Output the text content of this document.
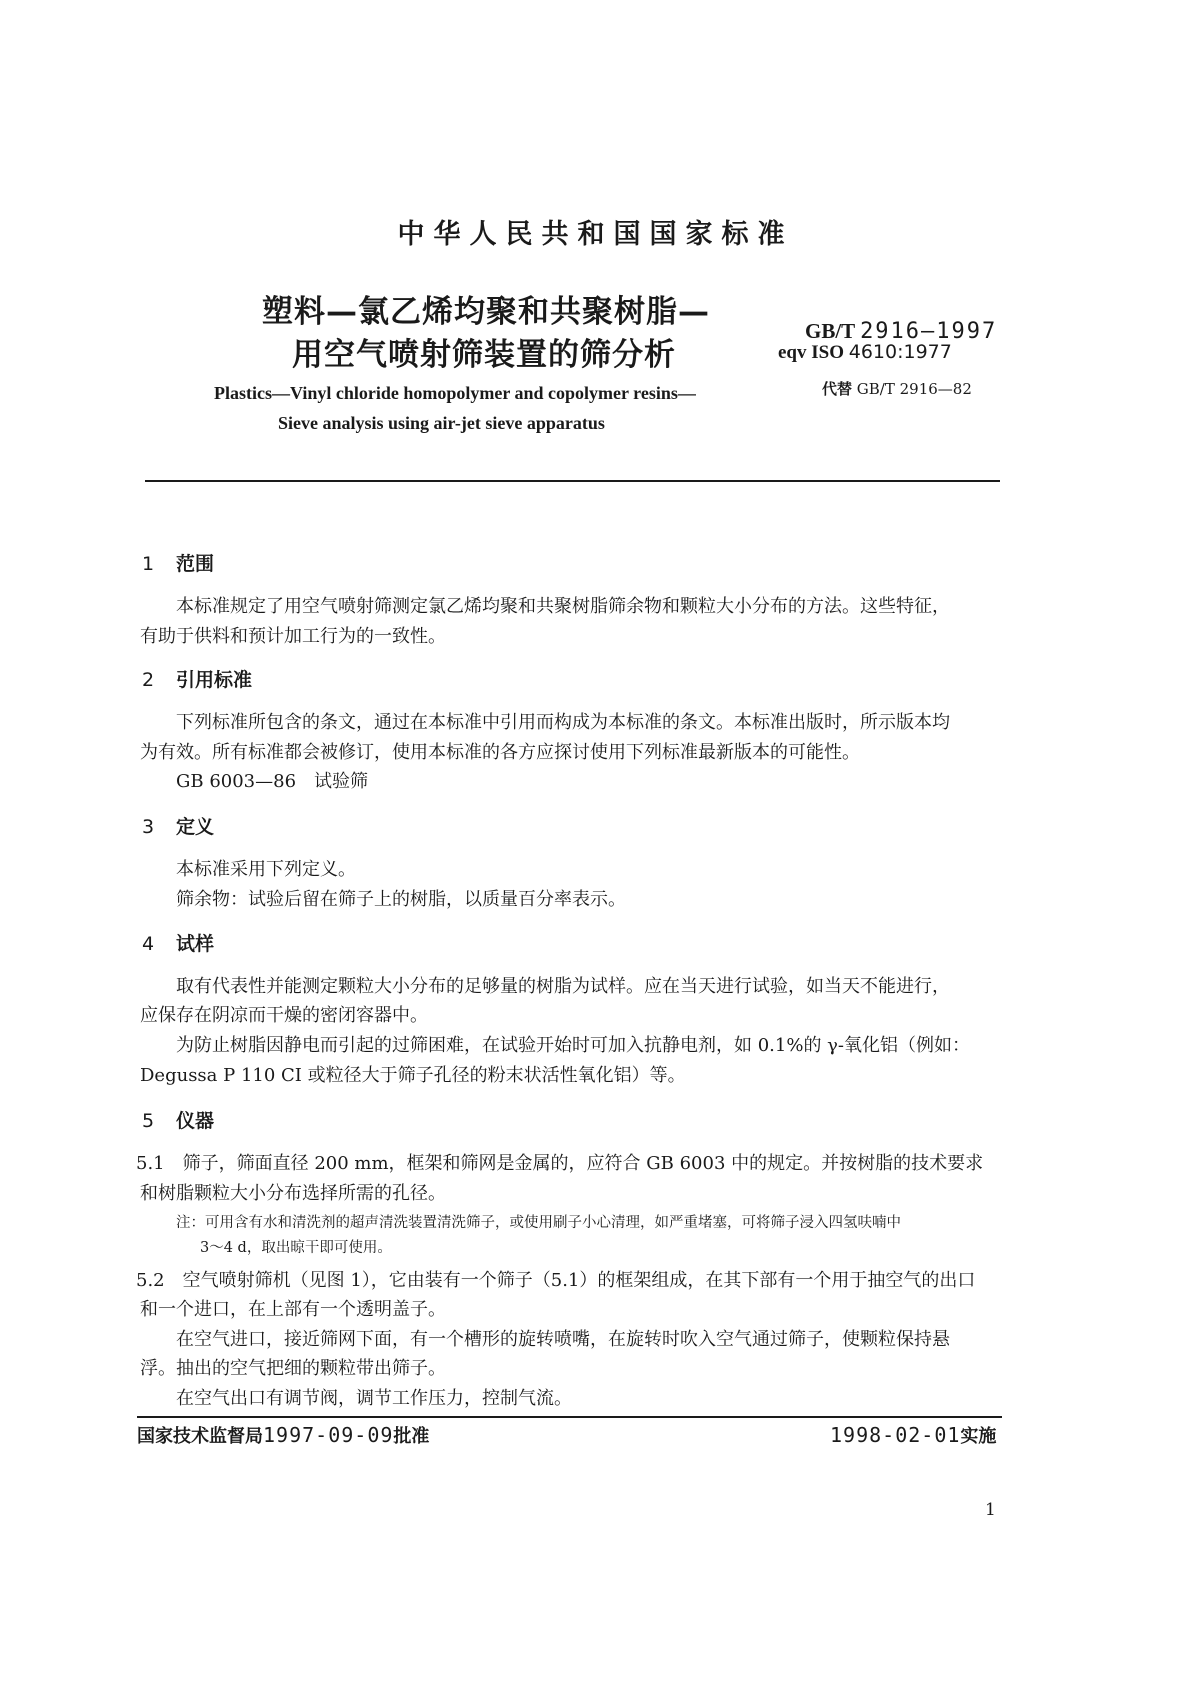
中华人民共和国国家标准
塑料—氯乙烯均聚和共聚树脂—
用空气喷射筛装置的筛分析
GB/T 2916—1997
eqv ISO 4610:1977
代替 GB/T 2916—82
Plastics—Vinyl chloride homopolymer and copolymer resins—
Sieve analysis using air-jet sieve apparatus
1 范围
本标准规定了用空气喷射筛测定氯乙烯均聚和共聚树脂筛余物和颗粒大小分布的方法。这些特征，
有助于供料和预计加工行为的一致性。
2 引用标准
下列标准所包含的条文，通过在本标准中引用而构成为本标准的条文。本标准出版时，所示版本均
为有效。所有标准都会被修订，使用本标准的各方应探讨使用下列标准最新版本的可能性。
GB 6003—86　试验筛
3 定义
本标准采用下列定义。
筛余物：试验后留在筛子上的树脂，以质量百分率表示。
4 试样
取有代表性并能测定颗粒大小分布的足够量的树脂为试样。应在当天进行试验，如当天不能进行，
应保存在阴凉而干燥的密闭容器中。
为防止树脂因静电而引起的过筛困难，在试验开始时可加入抗静电剂，如 0.1%的 γ-氧化铝（例如：
Degussa P 110 CI 或粒径大于筛子孔径的粉末状活性氧化铝）等。
5 仪器
5.1　筛子，筛面直径 200 mm，框架和筛网是金属的，应符合 GB 6003 中的规定。并按树脂的技术要求
和树脂颗粒大小分布选择所需的孔径。
注：可用含有水和清洗剂的超声清洗装置清洗筛子，或使用刷子小心清理，如严重堵塞，可将筛子浸入四氢呋喃中
3～4 d，取出晾干即可使用。
5.2　空气喷射筛机（见图 1），它由装有一个筛子（5.1）的框架组成，在其下部有一个用于抽空气的出口
和一个进口，在上部有一个透明盖子。
在空气进口，接近筛网下面，有一个槽形的旋转喷嘴，在旋转时吹入空气通过筛子，使颗粒保持悬
浮。抽出的空气把细的颗粒带出筛子。
在空气出口有调节阀，调节工作压力，控制气流。
国家技术监督局1997-09-09批准	1998-02-01实施
1
